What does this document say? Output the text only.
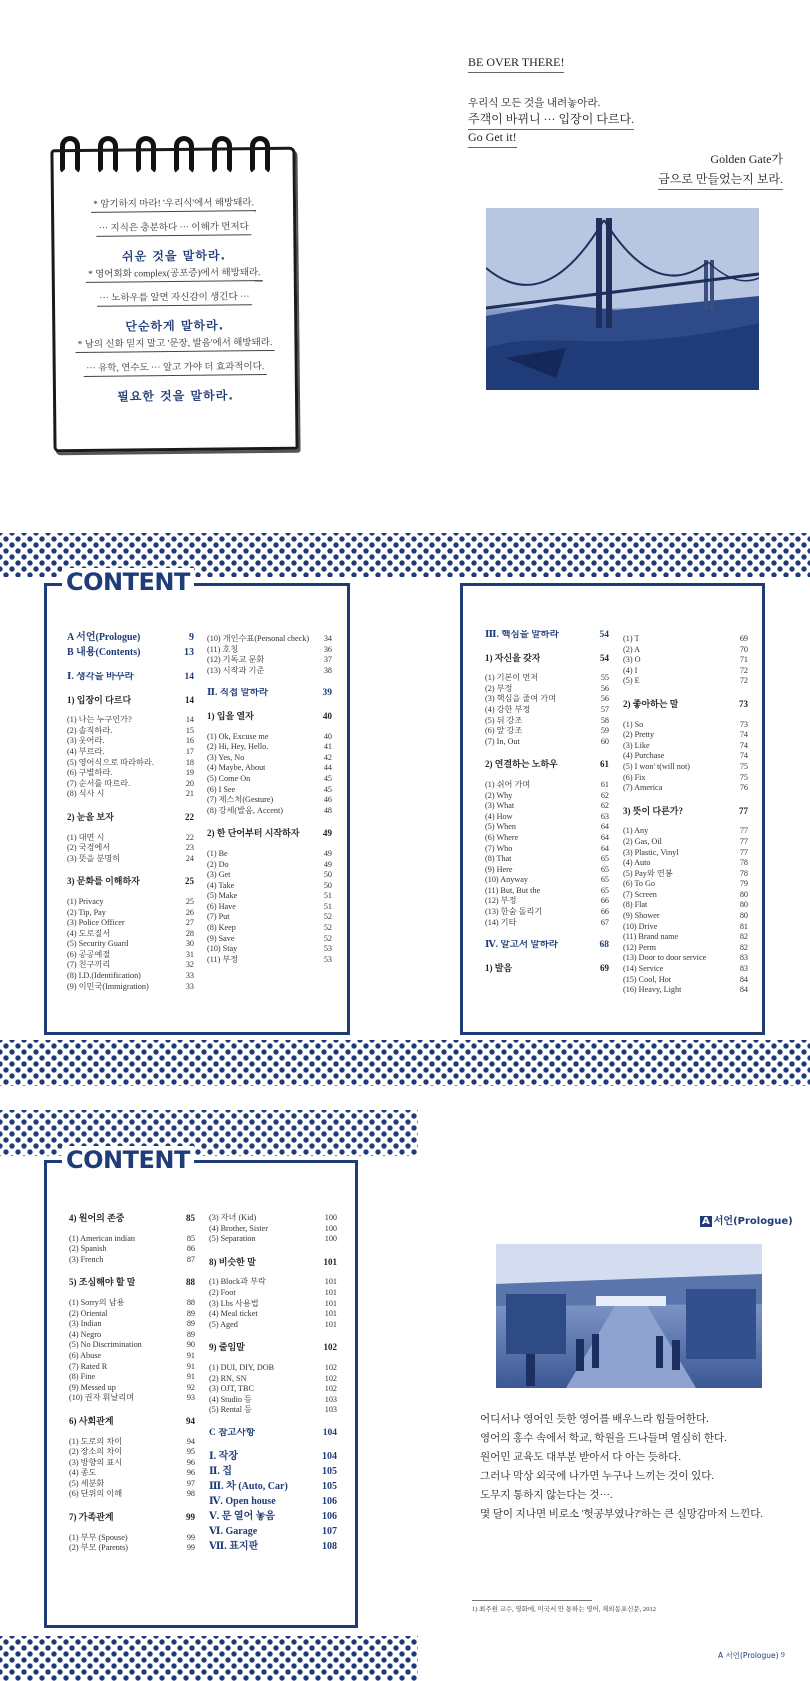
* 암기하지 마라! '우리식'에서 해방돼라.
··· 지식은 충분하다 ··· 이해가 먼저다
쉬운 것을 말하라.
* 영어회화 complex(공포증)에서 해방돼라.
··· 노하우를 알면 자신감이 생긴다 ···
단순하게 말하라.
* 남의 신화 믿지 말고 '문장, 발음'에서 해방돼라.
··· 유학, 연수도 ··· 알고 가야 더 효과적이다.
필요한 것을 말하라.
BE OVER THERE!
우리식 모든 것을 내려놓아라.
주객이 바뀌니 ··· 입장이 다르다.
Go Get it!
Golden Gate가
금으로 만들었는지 보라.
A 서언(Prologue)	9
B 내용(Contents)	13
Ⅰ. 생각을 바꾸라	14
1) 입장이 다르다	14
(1) 나는 누구인가?	14
(2) 솔직하라.	15
(3) 웃어라.	16
(4) 부르라.	17
(5) 영어식으로 따라하라.	18
(6) 구별하라.	19
(7) 순서를 따르라.	20
(8) 식사 시	21
2) 눈을 보자	22
(1) 대면 시	22
(2) 국경에서	23
(3) 뜻을 분명히	24
3) 문화를 이해하자	25
(1) Privacy	25
(2) Tip, Pay	26
(3) Police Officer	27
(4) 도로질서	28
(5) Security Guard	30
(6) 공공예절	31
(7) 친구끼리	32
(8) I.D.(Identification)	33
(9) 이민국(Immigration)	33
(10) 개인수표(Personal check)	34
(11) 호칭	36
(12) 기독교 문화	37
(13) 시작과 기준	38
Ⅱ. 직접 말하라	39
1) 입을 열자	40
(1) Ok, Excuse me	40
(2) Hi, Hey, Hello.	41
(3) Yes, No	42
(4) Maybe, About	44
(5) Come On	45
(6) I See	45
(7) 제스처(Gesture)	46
(8) 강세(발음, Accent)	48
2) 한 단어부터 시작하자	49
(1) Be	49
(2) Do	49
(3) Get	50
(4) Take	50
(5) Make	51
(6) Have	51
(7) Put	52
(8) Keep	52
(9) Save	52
(10) Stay	53
(11) 부정	53
CONTENT
Ⅲ. 핵심을 말하라	54
1) 자신을 갖자	54
(1) 기본이 먼저	55
(2) 부정	56
(3) 핵심을 줄여 가며	56
(4) 강한 부정	57
(5) 뒤 강조	58
(6) 앞 강조	59
(7) In, Out	60
2) 연결하는 노하우	61
(1) 쉬어 가며	61
(2) Why	62
(3) What	62
(4) How	63
(5) When	64
(6) Where	64
(7) Who	64
(8) That	65
(9) Here	65
(10) Anyway	65
(11) But, But the	65
(12) 부정	66
(13) 한숨 돌리기	66
(14) 기타	67
Ⅳ. 알고서 말하라	68
1) 발음	69
(1) T	69
(2) A	70
(3) O	71
(4) I	72
(5) E	72
2) 좋아하는 말	73
(1) So	73
(2) Pretty	74
(3) Like	74
(4) Purchase	74
(5) I won' t(will not)	75
(6) Fix	75
(7) America	76
3) 뜻이 다른가?	77
(1) Any	77
(2) Gas, Oil	77
(3) Plastic, Vinyl	77
(4) Auto	78
(5) Pay와 연봉	78
(6) To Go	79
(7) Screen	80
(8) Flat	80
(9) Shower	80
(10) Drive	81
(11) Brand name	82
(12) Perm	82
(13) Door to door service	83
(14) Service	83
(15) Cool, Hot	84
(16) Heavy, Light	84
4) 원어의 존중	85
(1) American indian	85
(2) Spanish	86
(3) French	87
5) 조심해야 할 말	88
(1) Sorry의 남용	88
(2) Oriental	89
(3) Indian	89
(4) Negro	89
(5) No Discrimination	90
(6) Abuse	91
(7) Rated R	91
(8) Fine	91
(9) Messed up	92
(10) 권자 휘날리며	93
6) 사회관계	94
(1) 도로의 차이	94
(2) 장소의 차이	95
(3) 방향의 표시	96
(4) 종도	96
(5) 세분화	97
(6) 단위의 이해	98
7) 가족관계	99
(1) 부부 (Spouse)	99
(2) 부모 (Parents)	99
(3) 자녀 (Kid)	100
(4) Brother, Sister	100
(5) Separation	100
8) 비슷한 말	101
(1) Block과 부락	101
(2) Foot	101
(3) Lbs 사용법	101
(4) Meal ticket	101
(5) Aged	101
9) 줄임말	102
(1) DUI, DIY, DOB	102
(2) RN, SN	102
(3) OJT, TBC	102
(4) Studio 등	103
(5) Rental 등	103
C 참고사항	104
Ⅰ. 작장	104
Ⅱ. 집	105
Ⅲ. 차 (Auto, Car)	105
Ⅳ. Open house	106
Ⅴ. 문 열어 놓음	106
Ⅵ. Garage	107
Ⅶ. 표지판	108
CONTENT
A 서언(Prologue)

어디서나 영어인 듯한 영어를 배우느라 힘들어한다.

영어의 홍수 속에서 학교, 학원을 드나들며 열심히 한다.

원어민 교육도 대부분 받아서 다 아는 듯하다.

그러나 막상 외국에 나가면 누구나 느끼는 것이 있다.

도무지 통하지 않는다는 것···.

몇 달이 지나면 비로소 '헛공부였나?'하는 큰 실망감마저 느낀다.

1) 최주원 교수, 영화에, 미국서 안 통하는 영어, 재외동포신문, 2012
A 서언(Prologue) 9
